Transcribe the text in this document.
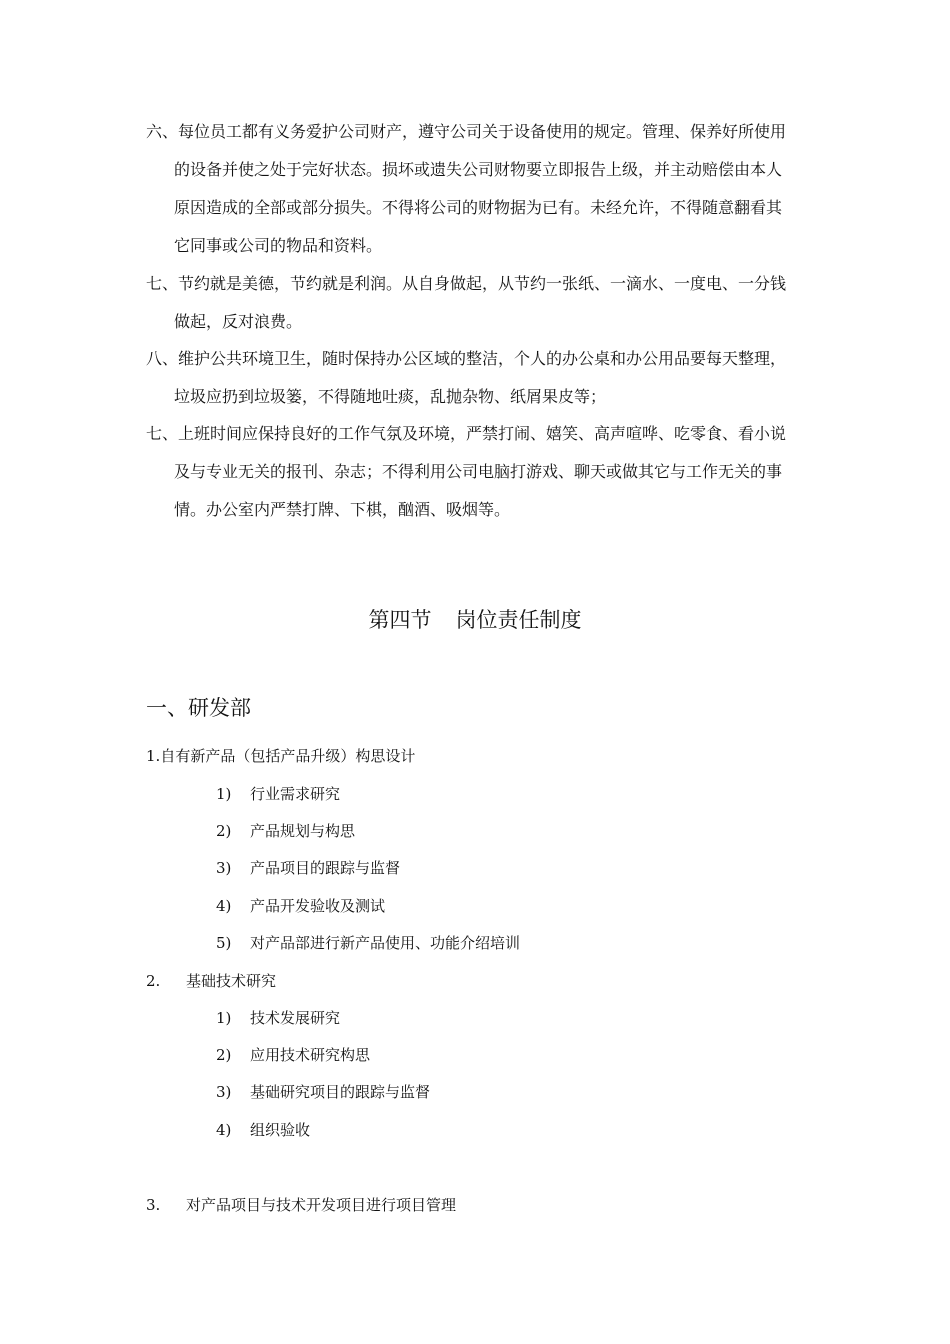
六、每位员工都有义务爱护公司财产，遵守公司关于设备使用的规定。管理、保养好所使用
的设备并使之处于完好状态。损坏或遗失公司财物要立即报告上级，并主动赔偿由本人
原因造成的全部或部分损失。不得将公司的财物据为已有。未经允许，不得随意翻看其
它同事或公司的物品和资料。
七、节约就是美德，节约就是利润。从自身做起，从节约一张纸、一滴水、一度电、一分钱
做起，反对浪费。
八、维护公共环境卫生，随时保持办公区域的整洁，个人的办公桌和办公用品要每天整理，
垃圾应扔到垃圾篓，不得随地吐痰，乱抛杂物、纸屑果皮等；
七、上班时间应保持良好的工作气氛及环境，严禁打闹、嬉笑、高声喧哗、吃零食、看小说
及与专业无关的报刊、杂志；不得利用公司电脑打游戏、聊天或做其它与工作无关的事
情。办公室内严禁打牌、下棋，酗酒、吸烟等。
第四节 岗位责任制度
一、研发部
1.自有新产品（包括产品升级）构思设计
1) 行业需求研究
2) 产品规划与构思
3) 产品项目的跟踪与监督
4) 产品开发验收及测试
5) 对产品部进行新产品使用、功能介绍培训
2. 基础技术研究
1) 技术发展研究
2) 应用技术研究构思
3) 基础研究项目的跟踪与监督
4) 组织验收
3. 对产品项目与技术开发项目进行项目管理
